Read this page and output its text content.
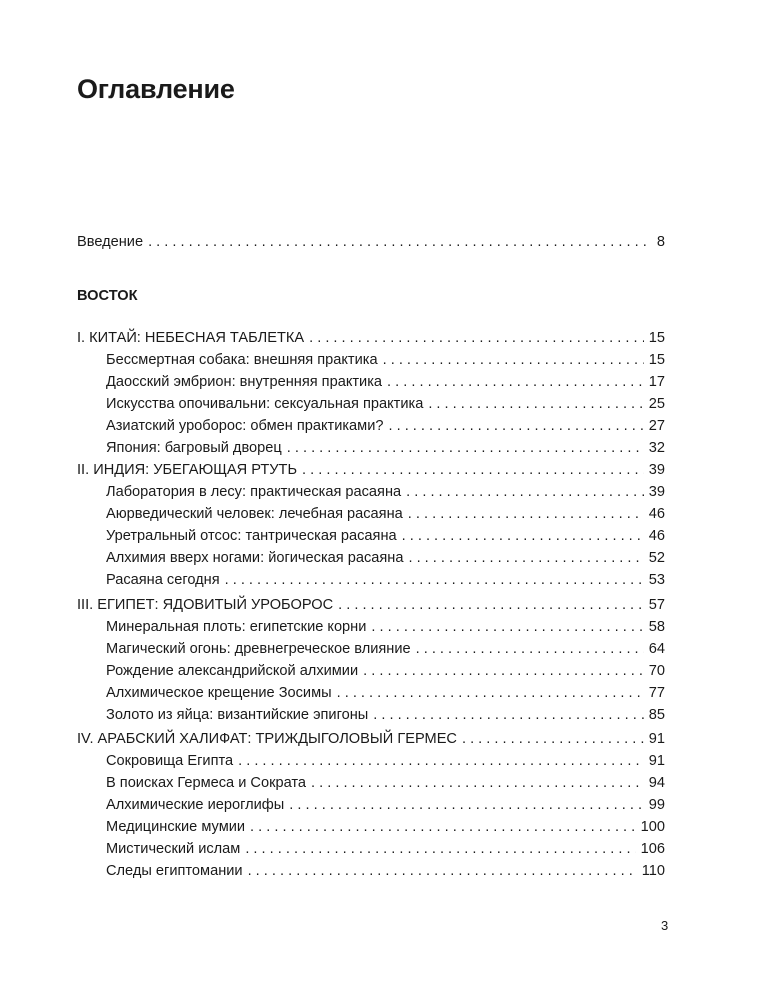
Оглавление
Введение . . .	8
ВОСТОК
I. КИТАЙ: НЕБЕСНАЯ ТАБЛЕТКА . . .	15
Бессмертная собака: внешняя практика . . .	15
Даосский эмбрион: внутренняя практика . . .	17
Искусства опочивальни: сексуальная практика . . .	25
Азиатский уроборос: обмен практиками? . . .	27
Япония: багровый дворец . . .	32
II. ИНДИЯ: УБЕГАЮЩАЯ РТУТЬ . . .	39
Лаборатория в лесу: практическая расаяна . . .	39
Аюрведический человек: лечебная расаяна . . .	46
Уретральный отсос: тантрическая расаяна . . .	46
Алхимия вверх ногами: йогическая расаяна . . .	52
Расаяна сегодня . . .	53
III. ЕГИПЕТ: ЯДОВИТЫЙ УРОБОРОС . . .	57
Минеральная плоть: египетские корни . . .	58
Магический огонь: древнегреческое влияние . . .	64
Рождение александрийской алхимии . . .	70
Алхимическое крещение Зосимы . . .	77
Золото из яйца: византийские эпигоны . . .	85
IV. АРАБСКИЙ ХАЛИФАТ: ТРИЖДЫГОЛОВЫЙ ГЕРМЕС . . .	91
Сокровища Египта . . .	91
В поисках Гермеса и Сократа . . .	94
Алхимические иероглифы . . .	99
Медицинские мумии . . .	100
Мистический ислам . . .	106
Следы египтомании . . .	110
3
